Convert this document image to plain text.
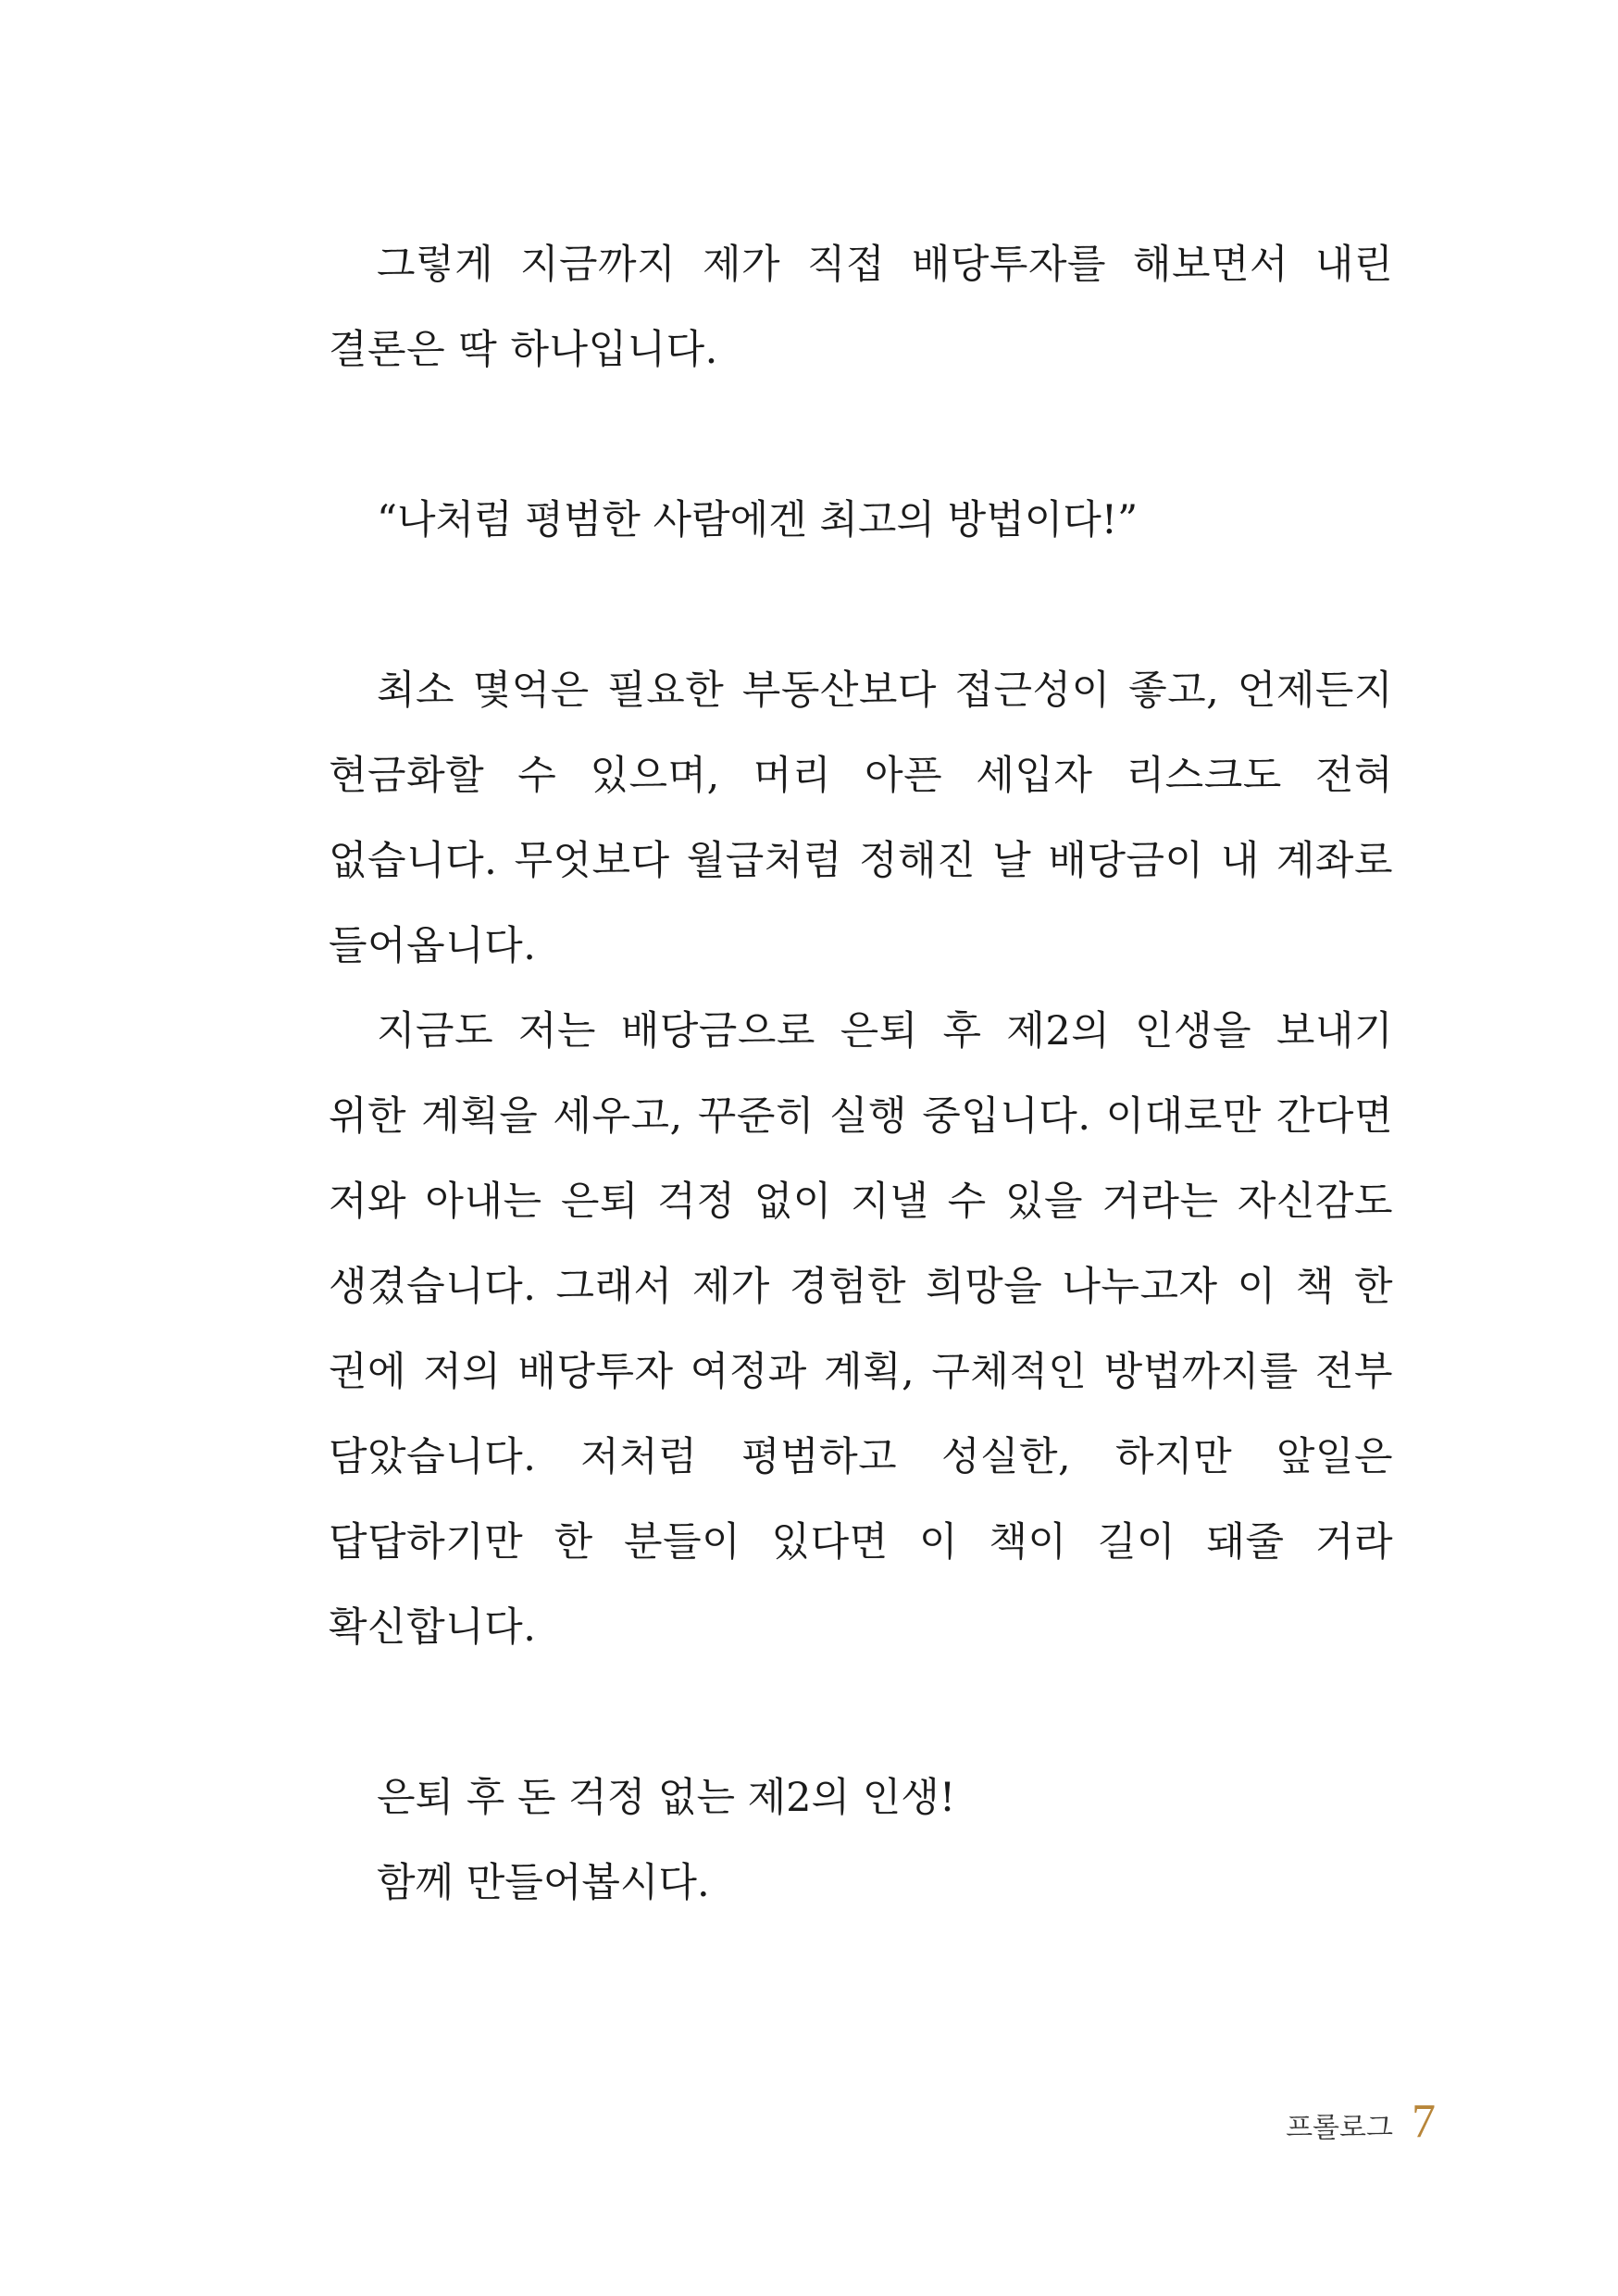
그렇게 지금까지 제가 직접 배당투자를 해보면서 내린 결론은 딱 하나입니다.

“나처럼 평범한 사람에겐 최고의 방법이다!”

최소 몇억은 필요한 부동산보다 접근성이 좋고, 언제든지 현금화할 수 있으며, 머리 아픈 세입자 리스크도 전혀 없습니다. 무엇보다 월급처럼 정해진 날 배당금이 내 계좌로 들어옵니다.

지금도 저는 배당금으로 은퇴 후 제2의 인생을 보내기 위한 계획을 세우고, 꾸준히 실행 중입니다. 이대로만 간다면 저와 아내는 은퇴 걱정 없이 지낼 수 있을 거라는 자신감도 생겼습니다. 그래서 제가 경험한 희망을 나누고자 이 책 한 권에 저의 배당투자 여정과 계획, 구체적인 방법까지를 전부 담았습니다. 저처럼 평범하고 성실한, 하지만 앞일은 답답하기만 한 분들이 있다면 이 책이 길이 돼줄 거라 확신합니다.

은퇴 후 돈 걱정 없는 제2의 인생!

함께 만들어봅시다.

프롤로그 7
